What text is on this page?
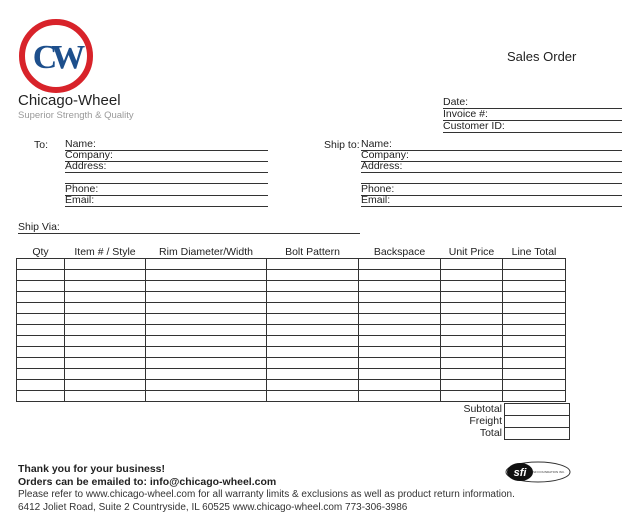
CW
Chicago-Wheel
Superior Strength & Quality
Sales Order
Date:
Invoice #:
Customer ID:
To: Name:
Company:
Address:
Phone:
Email:
Ship to: Name:
Company:
Address:
Phone:
Email:
Ship Via:
Qty	Item # / Style	Rim Diameter/Width	Bolt Pattern	Backspace	Unit Price	Line Total

Subtotal	
Freight	
Total	
Thank you for your business!
Orders can be emailed to: info@chicago-wheel.com
Please refer to www.chicago-wheel.com for all warranty limits & exclusions as well as product return information.
6412 Joliet Road, Suite 2 Countryside, IL 60525 www.chicago-wheel.com 773-306-3986
sfi	SFI FOUNDATION INC.
